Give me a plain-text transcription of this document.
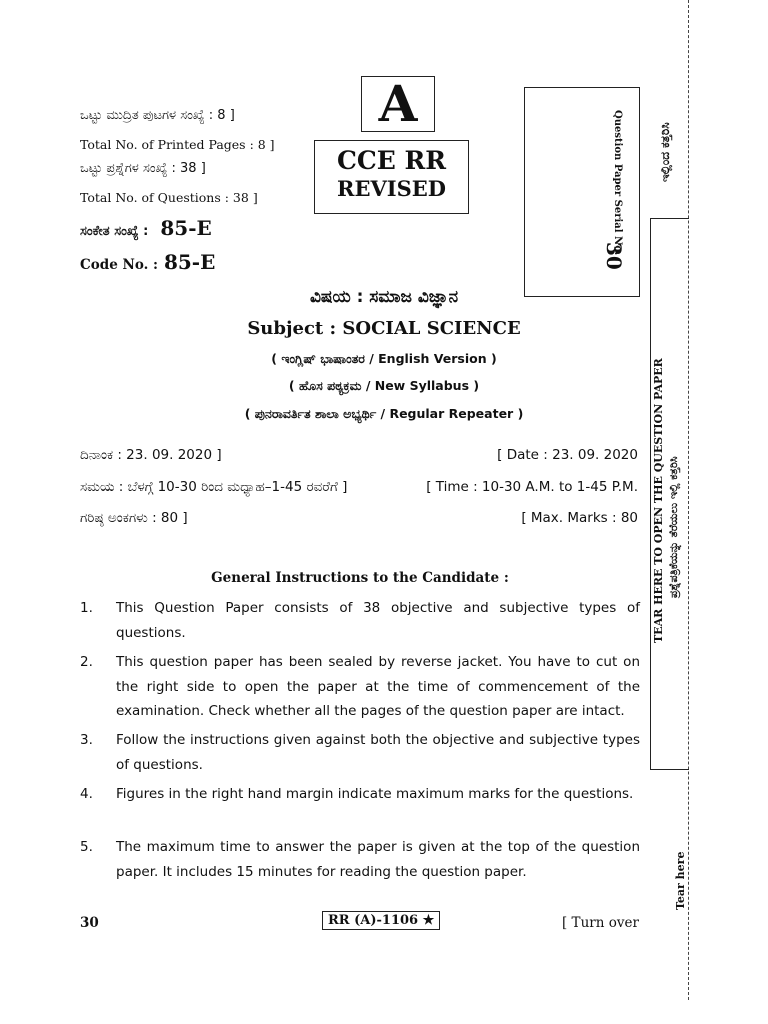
ಒಟ್ಟು ಮುದ್ರಿತ ಪುಟಗಳ ಸಂಖ್ಯೆ : 8 ]
Total No. of Printed Pages : 8 ]
ಒಟ್ಟು ಪ್ರಶ್ನೆಗಳ ಸಂಖ್ಯೆ : 38 ]
Total No. of Questions : 38 ]
ಸಂಕೇತ ಸಂಖ್ಯೆ : 85-E
Code No. : 85-E
A
CCE RR
REVISED	Question Paper Serial No.
30
ವಿಷಯ : ಸಮಾಜ ವಿಜ್ಞಾನ
Subject : SOCIAL SCIENCE
( ಇಂಗ್ಲಿಷ್ ಭಾಷಾಂತರ / English Version )
( ಹೊಸ ಪಠ್ಯಕ್ರಮ / New Syllabus )
( ಪುನರಾವರ್ತಿತ ಶಾಲಾ ಅಭ್ಯರ್ಥಿ / Regular Repeater )
ದಿನಾಂಕ : 23. 09. 2020 ]	[ Date : 23. 09. 2020
ಸಮಯ : ಬೆಳಗ್ಗೆ 10-30 ರಿಂದ ಮಧ್ಯಾಹ–1-45 ರವರೆಗೆ ]	[ Time : 10-30 A.M. to 1-45 P.M.
ಗರಿಷ್ಠ ಅಂಕಗಳು : 80 ]	[ Max. Marks : 80
General Instructions to the Candidate :
1. This Question Paper consists of 38 objective and subjective types of questions.
2. This question paper has been sealed by reverse jacket. You have to cut on the right side to open the paper at the time of commencement of the examination. Check whether all the pages of the question paper are intact.
3. Follow the instructions given against both the objective and subjective types of questions.
4. Figures in the right hand margin indicate maximum marks for the questions.
5. The maximum time to answer the paper is given at the top of the question paper. It includes 15 minutes for reading the question paper.
30	RR (A)-1106 ★	[ Turn over
ಇಲ್ಲಿಂದ ಕತ್ತರಿಸಿ
TEAR HERE TO OPEN THE QUESTION PAPER ಪ್ರಶ್ನೆಪತ್ರಿಕೆಯನ್ನು ತೆರೆಯಲು ಇಲ್ಲಿ ಕತ್ತರಿಸಿ
Tear here
